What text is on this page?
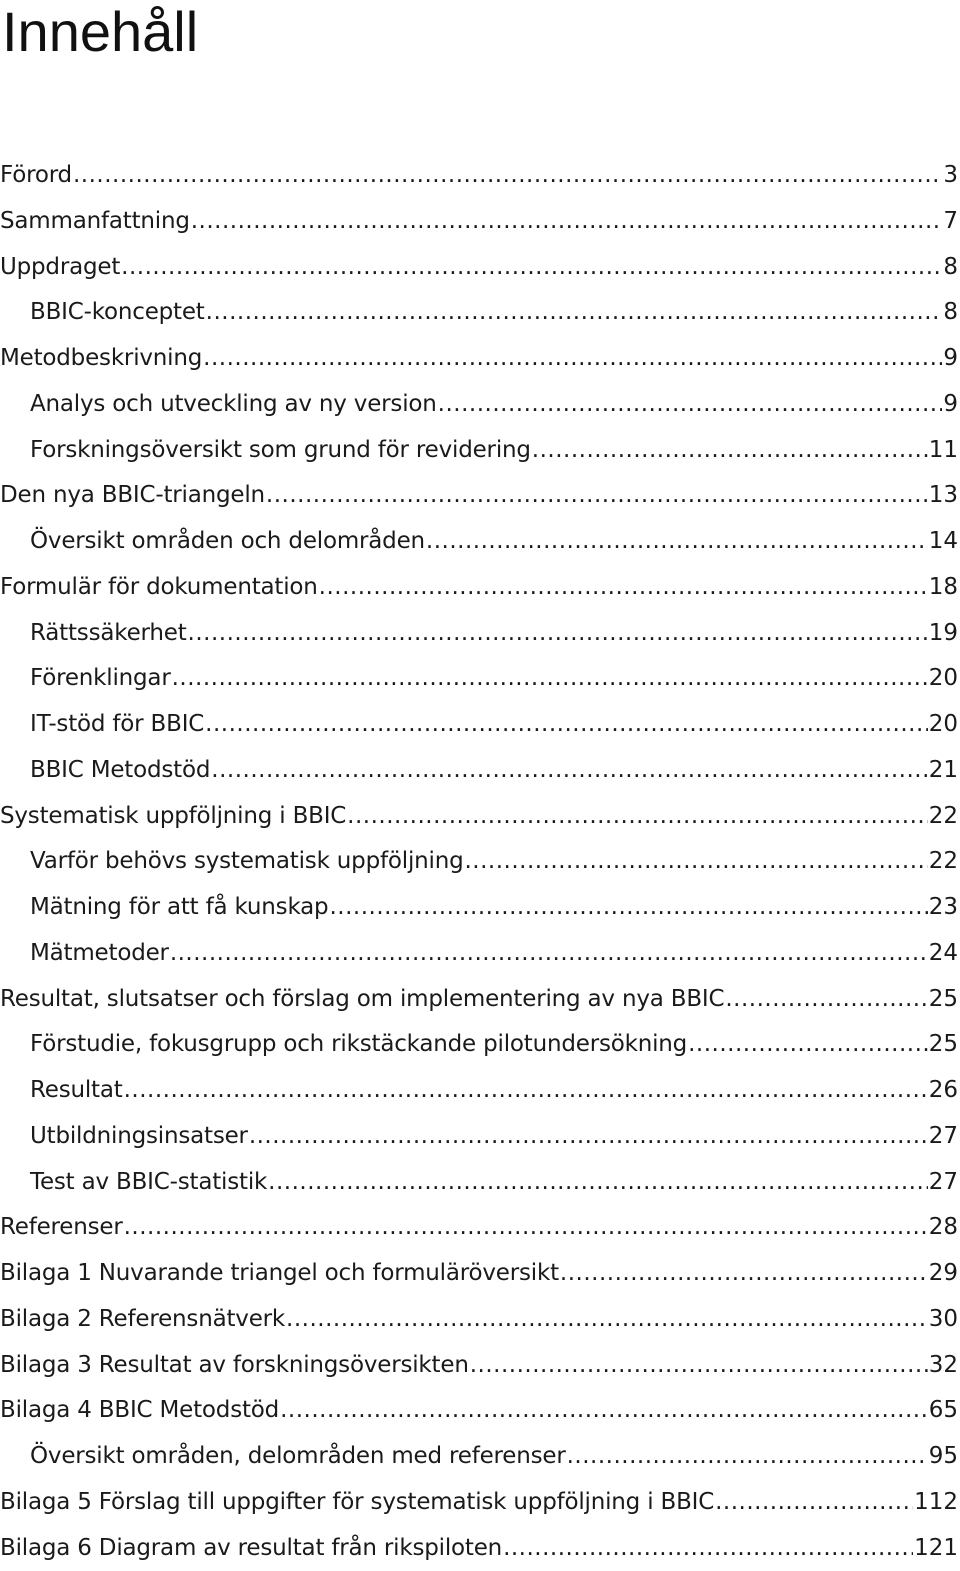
Innehåll
Förord .....	3
Sammanfattning .....	7
Uppdraget .....	8
BBIC-konceptet .....	8
Metodbeskrivning .....	9
Analys och utveckling av ny version .....	9
Forskningsöversikt som grund för revidering .....	11
Den nya BBIC-triangeln .....	13
Översikt områden och delområden .....	14
Formulär för dokumentation .....	18
Rättssäkerhet .....	19
Förenklingar .....	20
IT-stöd för BBIC .....	20
BBIC Metodstöd .....	21
Systematisk uppföljning i BBIC .....	22
Varför behövs systematisk uppföljning .....	22
Mätning för att få kunskap .....	23
Mätmetoder .....	24
Resultat, slutsatser och förslag om implementering av nya BBIC .....	25
Förstudie, fokusgrupp och rikstäckande pilotundersökning .....	25
Resultat .....	26
Utbildningsinsatser .....	27
Test av BBIC-statistik .....	27
Referenser .....	28
Bilaga 1 Nuvarande triangel och formuläröversikt .....	29
Bilaga 2 Referensnätverk .....	30
Bilaga 3 Resultat av forskningsöversikten .....	32
Bilaga 4 BBIC Metodstöd .....	65
Översikt områden, delområden med referenser .....	95
Bilaga 5 Förslag till uppgifter för systematisk uppföljning i BBIC .....	112
Bilaga 6 Diagram av resultat från rikspiloten .....	121
